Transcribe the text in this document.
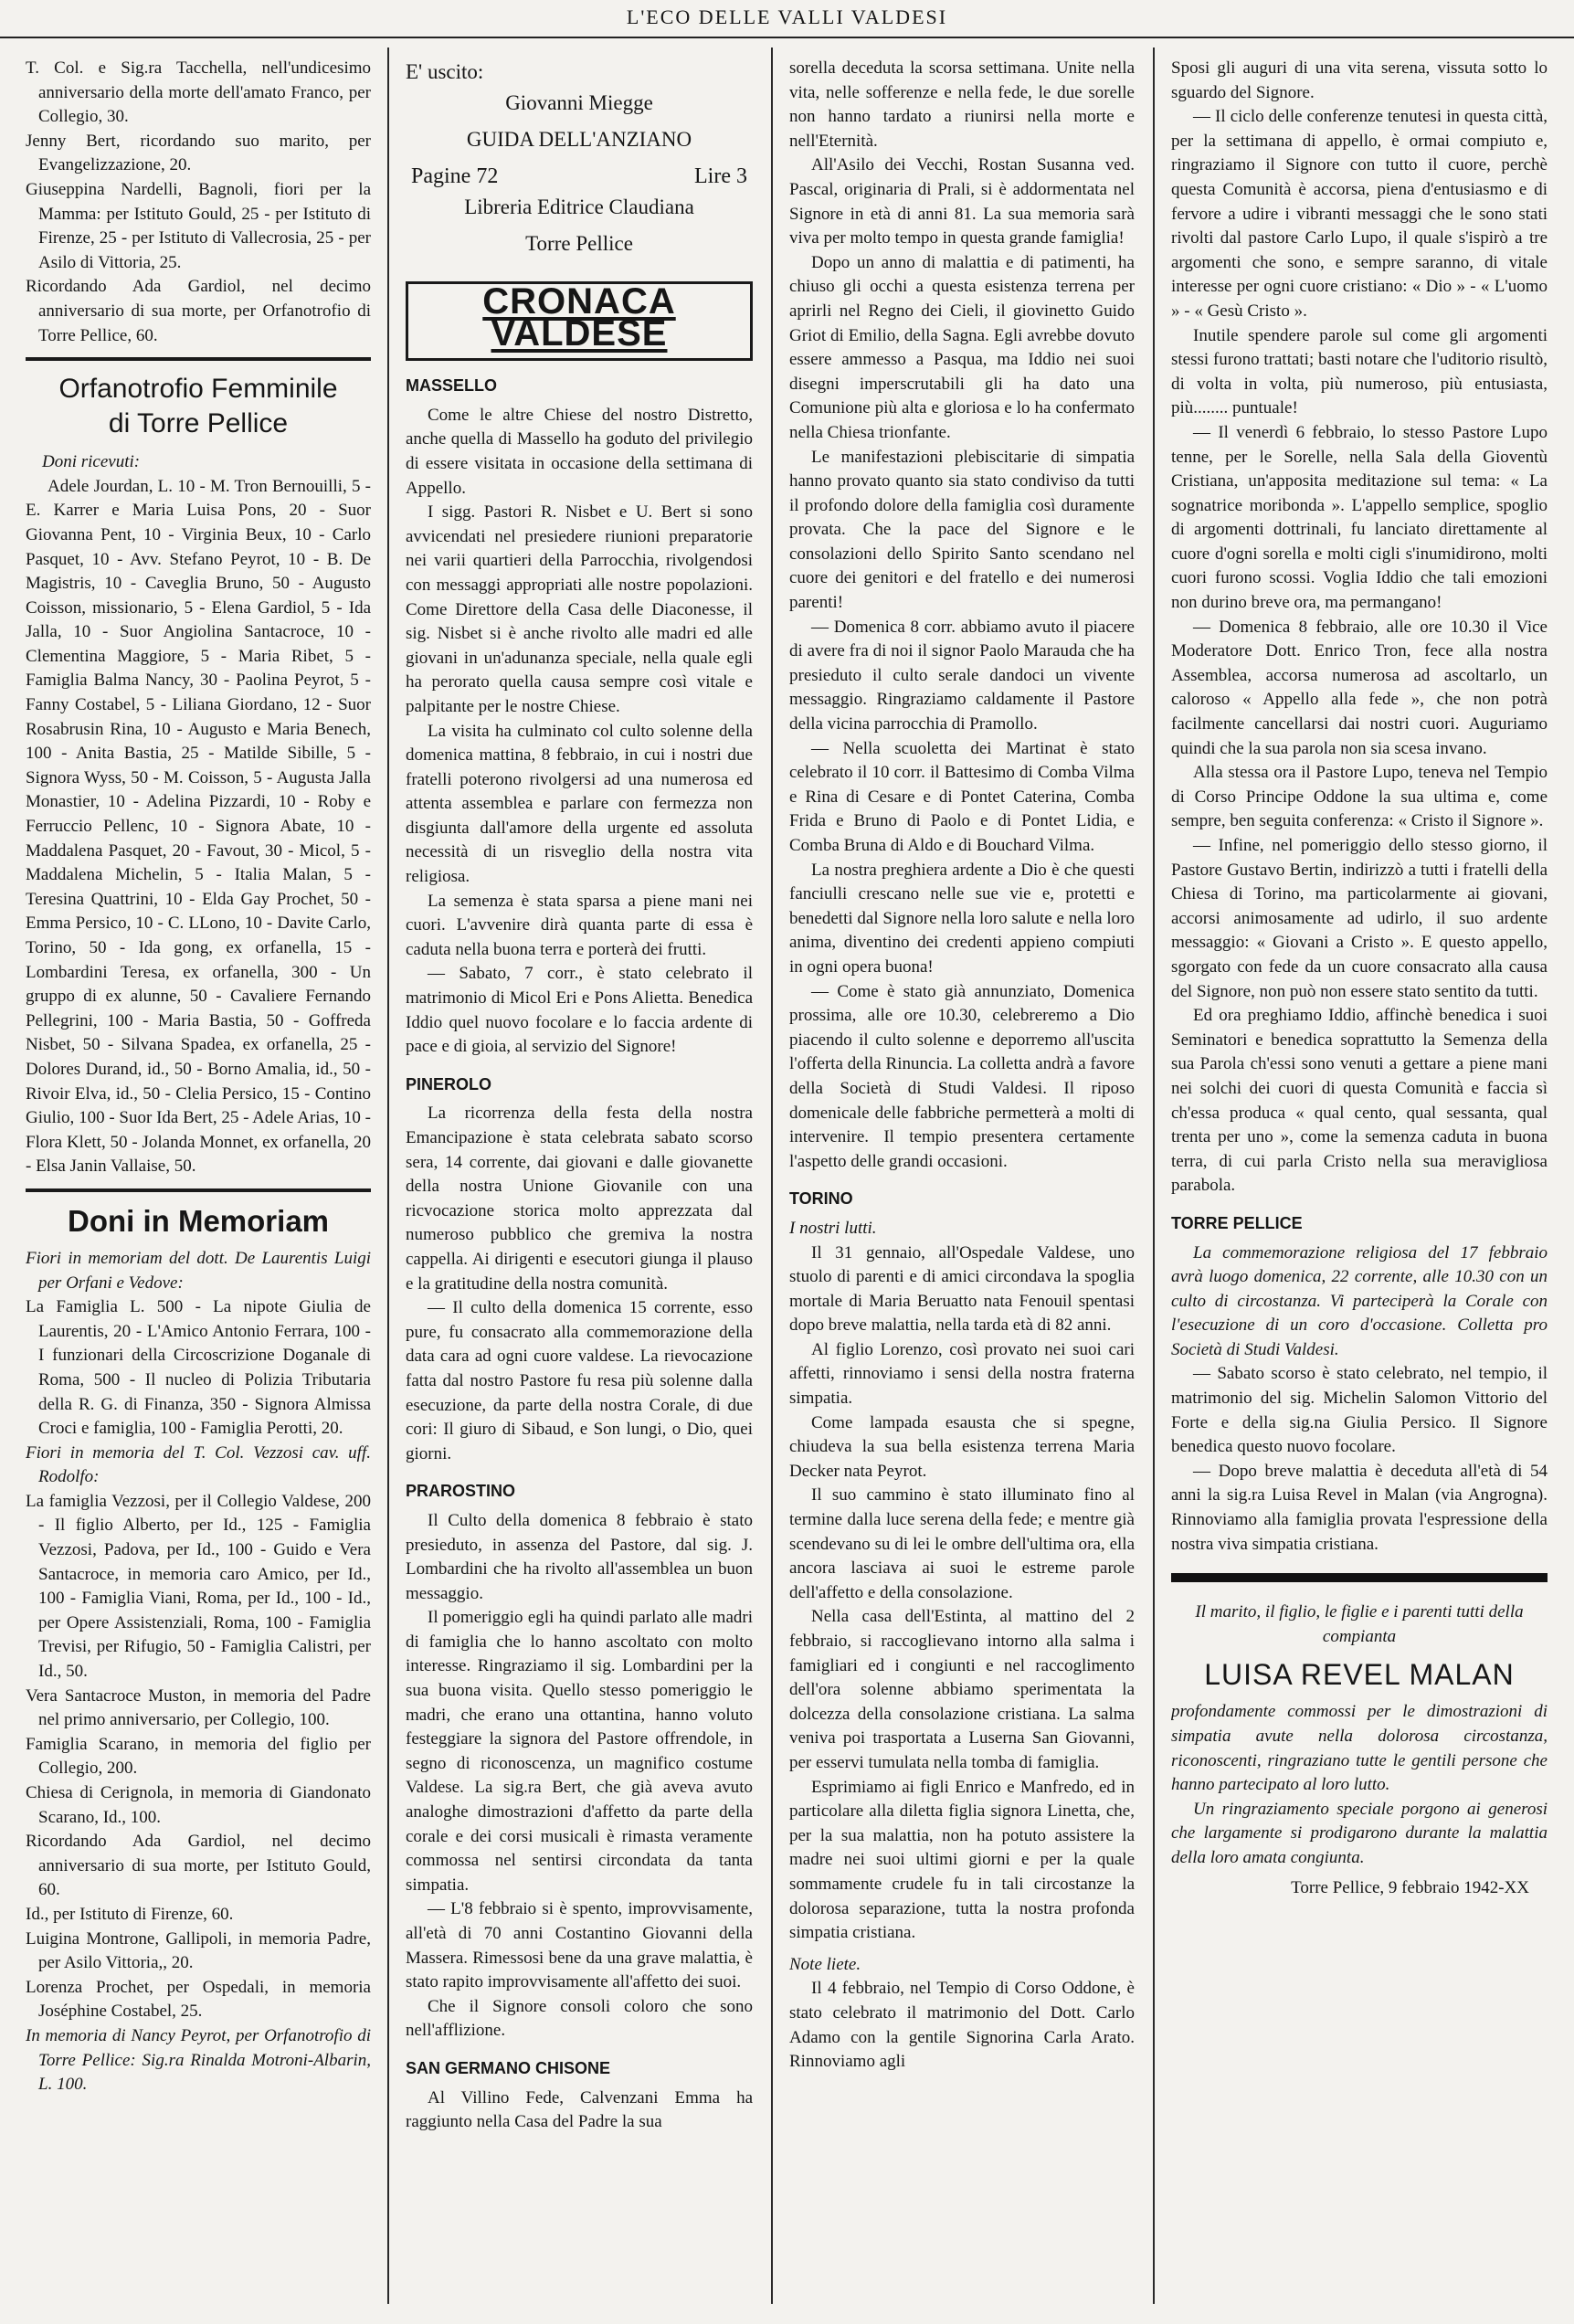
L'ECO DELLE VALLI VALDESI

T. Col. e Sig.ra Tacchella, nell'undicesimo anniversario della morte dell'amato Franco, per Collegio, 30.

Jenny Bert, ricordando suo marito, per Evangelizzazione, 20.

Giuseppina Nardelli, Bagnoli, fiori per la Mamma: per Istituto Gould, 25 - per Istituto di Firenze, 25 - per Istituto di Vallecrosia, 25 - per Asilo di Vittoria, 25.

Ricordando Ada Gardiol, nel decimo anniversario di sua morte, per Orfanotrofio di Torre Pellice, 60.

Orfanotrofio Femminile
di Torre Pellice

Doni ricevuti:

Adele Jourdan, L. 10 - M. Tron Bernouilli, 5 - E. Karrer e Maria Luisa Pons, 20 - Suor Giovanna Pent, 10 - Virginia Beux, 10 - Carlo Pasquet, 10 - Avv. Stefano Peyrot, 10 - B. De Magistris, 10 - Caveglia Bruno, 50 - Augusto Coisson, missionario, 5 - Elena Gardiol, 5 - Ida Jalla, 10 - Suor Angiolina Santacroce, 10 - Clementina Maggiore, 5 - Maria Ribet, 5 - Famiglia Balma Nancy, 30 - Paolina Peyrot, 5 - Fanny Costabel, 5 - Liliana Giordano, 12 - Suor Rosabrusin Rina, 10 - Augusto e Maria Benech, 100 - Anita Bastia, 25 - Matilde Sibille, 5 - Signora Wyss, 50 - M. Coisson, 5 - Augusta Jalla Monastier, 10 - Adelina Pizzardi, 10 - Roby e Ferruccio Pellenc, 10 - Signora Abate, 10 - Maddalena Pasquet, 20 - Favout, 30 - Micol, 5 - Maddalena Michelin, 5 - Italia Malan, 5 - Teresina Quattrini, 10 - Elda Gay Prochet, 50 - Emma Persico, 10 - C. LLono, 10 - Davite Carlo, Torino, 50 - Ida gong, ex orfanella, 15 - Lombardini Teresa, ex orfanella, 300 - Un gruppo di ex alunne, 50 - Cavaliere Fernando Pellegrini, 100 - Maria Bastia, 50 - Goffreda Nisbet, 50 - Silvana Spadea, ex orfanella, 25 - Dolores Durand, id., 50 - Borno Amalia, id., 50 - Rivoir Elva, id., 50 - Clelia Persico, 15 - Contino Giulio, 100 - Suor Ida Bert, 25 - Adele Arias, 10 - Flora Klett, 50 - Jolanda Monnet, ex orfanella, 20 - Elsa Janin Vallaise, 50.

Doni in Memoriam

Fiori in memoriam del dott. De Laurentis Luigi per Orfani e Vedove:

La Famiglia L. 500 - La nipote Giulia de Laurentis, 20 - L'Amico Antonio Ferrara, 100 - I funzionari della Circoscrizione Doganale di Roma, 500 - Il nucleo di Polizia Tributaria della R. G. di Finanza, 350 - Signora Almissa Croci e famiglia, 100 - Famiglia Perotti, 20.

Fiori in memoria del T. Col. Vezzosi cav. uff. Rodolfo:

La famiglia Vezzosi, per il Collegio Valdese, 200 - Il figlio Alberto, per Id., 125 - Famiglia Vezzosi, Padova, per Id., 100 - Guido e Vera Santacroce, in memoria caro Amico, per Id., 100 - Famiglia Viani, Roma, per Id., 100 - Id., per Opere Assistenziali, Roma, 100 - Famiglia Trevisi, per Rifugio, 50 - Famiglia Calistri, per Id., 50.

Vera Santacroce Muston, in memoria del Padre nel primo anniversario, per Collegio, 100.

Famiglia Scarano, in memoria del figlio per Collegio, 200.

Chiesa di Cerignola, in memoria di Giandonato Scarano, Id., 100.

Ricordando Ada Gardiol, nel decimo anniversario di sua morte, per Istituto Gould, 60.

Id., per Istituto di Firenze, 60.

Luigina Montrone, Gallipoli, in memoria Padre, per Asilo Vittoria,, 20.

Lorenza Prochet, per Ospedali, in memoria Joséphine Costabel, 25.

In memoria di Nancy Peyrot, per Orfanotrofio di Torre Pellice: Sig.ra Rinalda Motroni-Albarin, L. 100.

E' uscito:
Giovanni Miegge
GUIDA DELL'ANZIANO
Pagine 72	Lire 3
Libreria Editrice Claudiana
Torre Pellice
CRONACA VALDESE
MASSELLO

Come le altre Chiese del nostro Distretto, anche quella di Massello ha goduto del privilegio di essere visitata in occasione della settimana di Appello.

I sigg. Pastori R. Nisbet e U. Bert si sono avvicendati nel presiedere riunioni preparatorie nei varii quartieri della Parrocchia, rivolgendosi con messaggi appropriati alle nostre popolazioni. Come Direttore della Casa delle Diaconesse, il sig. Nisbet si è anche rivolto alle madri ed alle giovani in un'adunanza speciale, nella quale egli ha perorato quella causa sempre così vitale e palpitante per le nostre Chiese.

La visita ha culminato col culto solenne della domenica mattina, 8 febbraio, in cui i nostri due fratelli poterono rivolgersi ad una numerosa ed attenta assemblea e parlare con fermezza non disgiunta dall'amore della urgente ed assoluta necessità di un risveglio della nostra vita religiosa.

La semenza è stata sparsa a piene mani nei cuori. L'avvenire dirà quanta parte di essa è caduta nella buona terra e porterà dei frutti.

— Sabato, 7 corr., è stato celebrato il matrimonio di Micol Eri e Pons Alietta. Benedica Iddio quel nuovo focolare e lo faccia ardente di pace e di gioia, al servizio del Signore!

PINEROLO

La ricorrenza della festa della nostra Emancipazione è stata celebrata sabato scorso sera, 14 corrente, dai giovani e dalle giovanette della nostra Unione Giovanile con una ricvocazione storica molto apprezzata dal numeroso pubblico che gremiva la nostra cappella. Ai dirigenti e esecutori giunga il plauso e la gratitudine della nostra comunità.

— Il culto della domenica 15 corrente, esso pure, fu consacrato alla commemorazione della data cara ad ogni cuore valdese. La rievocazione fatta dal nostro Pastore fu resa più solenne dalla esecuzione, da parte della nostra Corale, di due cori: Il giuro di Sibaud, e Son lungi, o Dio, quei giorni.

PRAROSTINO

Il Culto della domenica 8 febbraio è stato presieduto, in assenza del Pastore, dal sig. J. Lombardini che ha rivolto all'assemblea un buon messaggio.

Il pomeriggio egli ha quindi parlato alle madri di famiglia che lo hanno ascoltato con molto interesse. Ringraziamo il sig. Lombardini per la sua buona visita. Quello stesso pomeriggio le madri, che erano una ottantina, hanno voluto festeggiare la signora del Pastore offrendole, in segno di riconoscenza, un magnifico costume Valdese. La sig.ra Bert, che già aveva avuto analoghe dimostrazioni d'affetto da parte della corale e dei corsi musicali è rimasta veramente commossa nel sentirsi circondata da tanta simpatia.

— L'8 febbraio si è spento, improvvisamente, all'età di 70 anni Costantino Giovanni della Massera. Rimessosi bene da una grave malattia, è stato rapito improvvisamente all'affetto dei suoi.

Che il Signore consoli coloro che sono nell'afflizione.

SAN GERMANO CHISONE

Al Villino Fede, Calvenzani Emma ha raggiunto nella Casa del Padre la sua

sorella deceduta la scorsa settimana. Unite nella vita, nelle sofferenze e nella fede, le due sorelle non hanno tardato a riunirsi nella morte e nell'Eternità.

All'Asilo dei Vecchi, Rostan Susanna ved. Pascal, originaria di Prali, si è addormentata nel Signore in età di anni 81. La sua memoria sarà viva per molto tempo in questa grande famiglia!

Dopo un anno di malattia e di patimenti, ha chiuso gli occhi a questa esistenza terrena per aprirli nel Regno dei Cieli, il giovinetto Guido Griot di Emilio, della Sagna. Egli avrebbe dovuto essere ammesso a Pasqua, ma Iddio nei suoi disegni imperscrutabili gli ha dato una Comunione più alta e gloriosa e lo ha confermato nella Chiesa trionfante.

Le manifestazioni plebiscitarie di simpatia hanno provato quanto sia stato condiviso da tutti il profondo dolore della famiglia così duramente provata. Che la pace del Signore e le consolazioni dello Spirito Santo scendano nel cuore dei genitori e del fratello e dei numerosi parenti!

— Domenica 8 corr. abbiamo avuto il piacere di avere fra di noi il signor Paolo Marauda che ha presieduto il culto serale dandoci un vivente messaggio. Ringraziamo caldamente il Pastore della vicina parrocchia di Pramollo.

— Nella scuoletta dei Martinat è stato celebrato il 10 corr. il Battesimo di Comba Vilma e Rina di Cesare e di Pontet Caterina, Comba Frida e Bruno di Paolo e di Pontet Lidia, e Comba Bruna di Aldo e di Bouchard Vilma.

La nostra preghiera ardente a Dio è che questi fanciulli crescano nelle sue vie e, protetti e benedetti dal Signore nella loro salute e nella loro anima, diventino dei credenti appieno compiuti in ogni opera buona!

— Come è stato già annunziato, Domenica prossima, alle ore 10.30, celebreremo a Dio piacendo il culto solenne e deporremo all'uscita l'offerta della Rinuncia. La colletta andrà a favore della Società di Studi Valdesi. Il riposo domenicale delle fabbriche permetterà a molti di intervenire. Il tempio presentera certamente l'aspetto delle grandi occasioni.

TORINO

I nostri lutti.

Il 31 gennaio, all'Ospedale Valdese, uno stuolo di parenti e di amici circondava la spoglia mortale di Maria Beruatto nata Fenouil spentasi dopo breve malattia, nella tarda età di 82 anni.

Al figlio Lorenzo, così provato nei suoi cari affetti, rinnoviamo i sensi della nostra fraterna simpatia.

Come lampada esausta che si spegne, chiudeva la sua bella esistenza terrena Maria Decker nata Peyrot.

Il suo cammino è stato illuminato fino al termine dalla luce serena della fede; e mentre già scendevano su di lei le ombre dell'ultima ora, ella ancora lasciava ai suoi le estreme parole dell'affetto e della consolazione.

Nella casa dell'Estinta, al mattino del 2 febbraio, si raccoglievano intorno alla salma i famigliari ed i congiunti e nel raccoglimento dell'ora solenne abbiamo sperimentata la dolcezza della consolazione cristiana. La salma veniva poi trasportata a Luserna San Giovanni, per esservi tumulata nella tomba di famiglia.

Esprimiamo ai figli Enrico e Manfredo, ed in particolare alla diletta figlia signora Linetta, che, per la sua malattia, non ha potuto assistere la madre nei suoi ultimi giorni e per la quale sommamente crudele fu in tali circostanze la dolorosa separazione, tutta la nostra profonda simpatia cristiana.

Note liete.

Il 4 febbraio, nel Tempio di Corso Oddone, è stato celebrato il matrimonio del Dott. Carlo Adamo con la gentile Signorina Carla Arato. Rinnoviamo agli

Sposi gli auguri di una vita serena, vissuta sotto lo sguardo del Signore.

— Il ciclo delle conferenze tenutesi in questa città, per la settimana di appello, è ormai compiuto e, ringraziamo il Signore con tutto il cuore, perchè questa Comunità è accorsa, piena d'entusiasmo e di fervore a udire i vibranti messaggi che le sono stati rivolti dal pastore Carlo Lupo, il quale s'ispirò a tre argomenti che sono, e sempre saranno, di vitale interesse per ogni cuore cristiano: « Dio » - « L'uomo » - « Gesù Cristo ».

Inutile spendere parole sul come gli argomenti stessi furono trattati; basti notare che l'uditorio risultò, di volta in volta, più numeroso, più entusiasta, più........ puntuale!

— Il venerdì 6 febbraio, lo stesso Pastore Lupo tenne, per le Sorelle, nella Sala della Gioventù Cristiana, un'apposita meditazione sul tema: « La sognatrice moribonda ». L'appello semplice, spoglio di argomenti dottrinali, fu lanciato direttamente al cuore d'ogni sorella e molti cigli s'inumidirono, molti cuori furono scossi. Voglia Iddio che tali emozioni non durino breve ora, ma permangano!

— Domenica 8 febbraio, alle ore 10.30 il Vice Moderatore Dott. Enrico Tron, fece alla nostra Assemblea, accorsa numerosa ad ascoltarlo, un caloroso « Appello alla fede », che non potrà facilmente cancellarsi dai nostri cuori. Auguriamo quindi che la sua parola non sia scesa invano.

Alla stessa ora il Pastore Lupo, teneva nel Tempio di Corso Principe Oddone la sua ultima e, come sempre, ben seguita conferenza: « Cristo il Signore ».

— Infine, nel pomeriggio dello stesso giorno, il Pastore Gustavo Bertin, indirizzò a tutti i fratelli della Chiesa di Torino, ma particolarmente ai giovani, accorsi animosamente ad udirlo, il suo ardente messaggio: « Giovani a Cristo ». E questo appello, sgorgato con fede da un cuore consacrato alla causa del Signore, non può non essere stato sentito da tutti.

Ed ora preghiamo Iddio, affinchè benedica i suoi Seminatori e benedica soprattutto la Semenza della sua Parola ch'essi sono venuti a gettare a piene mani nei solchi dei cuori di questa Comunità e faccia sì ch'essa produca « qual cento, qual sessanta, qual trenta per uno », come la semenza caduta in buona terra, di cui parla Cristo nella sua meravigliosa parabola.

TORRE PELLICE

La commemorazione religiosa del 17 febbraio avrà luogo domenica, 22 corrente, alle 10.30 con un culto di circostanza. Vi parteciperà la Corale con l'esecuzione di un coro d'occasione. Colletta pro Società di Studi Valdesi.

— Sabato scorso è stato celebrato, nel tempio, il matrimonio del sig. Michelin Salomon Vittorio del Forte e della sig.na Giulia Persico. Il Signore benedica questo nuovo focolare.

— Dopo breve malattia è deceduta all'età di 54 anni la sig.ra Luisa Revel in Malan (via Angrogna). Rinnoviamo alla famiglia provata l'espressione della nostra viva simpatia cristiana.

Il marito, il figlio, le figlie e i parenti tutti della compianta

LUISA REVEL MALAN

profondamente commossi per le dimostrazioni di simpatia avute nella dolorosa circostanza, riconoscenti, ringraziano tutte le gentili persone che hanno partecipato al loro lutto.

Un ringraziamento speciale porgono ai generosi che largamente si prodigarono durante la malattia della loro amata congiunta.

Torre Pellice, 9 febbraio 1942-XX
